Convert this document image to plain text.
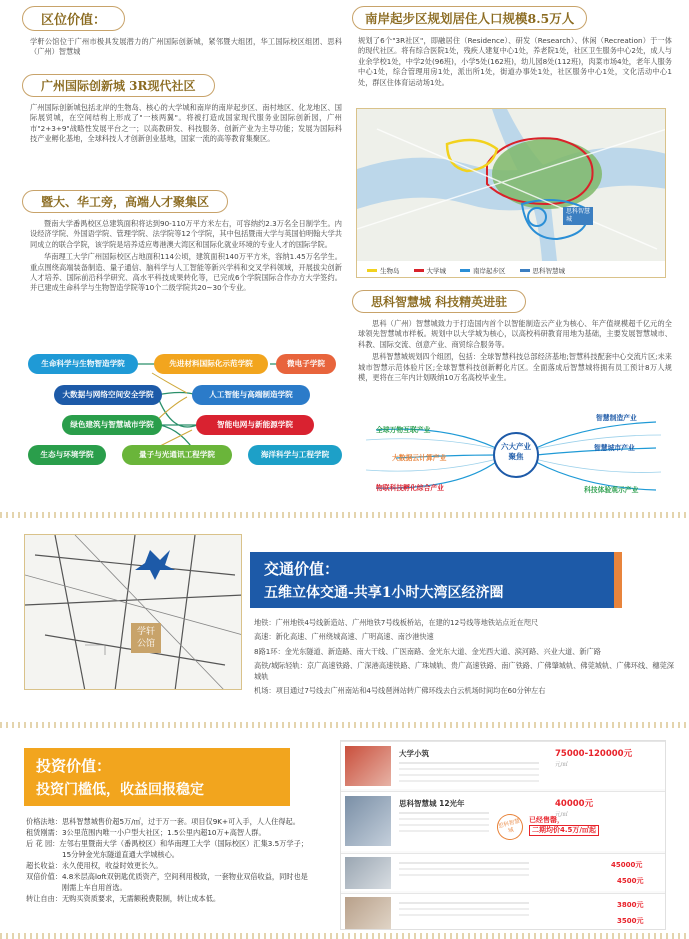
区位价值：
学軒公馆位于广州市极具发展潜力的广州国际创新城，紧邻暨大组团，华工国际校区组团、思科（广州）智慧城
广州国际创新城 3R现代社区
广州国际创新城包括北岸的生物岛、核心的大学城和南岸的南岸起步区、南村地区、化龙地区、国际展贸城，在空间结构上形成了"一核两翼"。将被打造成国家现代服务业国际创新园，广州市"2+3+9"战略性发展平台之一；以高教研发、科技服务、创新产业为主导功能；发展为国际科技产业孵化基地，全球科技人才创新创业基地，国家一流的高等教育集聚区。
暨大、华工旁，高端人才聚集区
暨南大学番禺校区总建筑面积将达到90-110万平方米左右，可容纳约2.3万名全日制学生。内设经济学院、外国语学院、管理学院、法学院等12个学院，其中包括暨南大学与英国伯明翰大学共同成立的联合学院，该学院是培养适应粤港澳大湾区和国际化就业环境的专业人才的国际学院。
华南理工大学广州国际校区占地面积114公顷，建筑面积140万平方米，容纳1.45万名学生。重点围绕高端装备制造、量子通信、脑科学与人工智能等新兴学科和交叉学科领域，开展拔尖创新人才培养、国际前沿科学研究、高水平科技成果转化等，已完成6个学院国际合作办方大学签约。并已建成生命科学与生物智造学院等10个二级学院共20~30个专业。
生命科学与生物智造学院	先进材料国际化示范学院	微电子学院
大数据与网络空间安全学院	人工智能与高端制造学院
绿色建筑与智慧城市学院	智能电网与新能源学院
生态与环境学院	量子与光通讯工程学院	海洋科学与工程学院
南岸起步区规划居住人口规模8.5万人
规划了6个"3R社区"，即融居住（Residence）、研发（Research）、休闲（Recreation）于一体的现代社区。将有综合医院1处，残疾人建复中心1处，养老院1处，社区卫生服务中心2处，成人与业余学校1处，中学2处(96班)，小学5处(162班)，幼儿园8处(112班)，肉菜市场4处，老年人服务中心1处，综合管理用房1处，派出所1处，街道办事处1处，社区服务中心1处，文化活动中心1处，群区住体育运动场1处。
思科智慧城
生物岛	大学城	南岸起步区	思科智慧城
思科智慧城 科技精英进驻
思科（广州）智慧城致力于打造国内首个以智能制造云产业为核心、年产值规模超千亿元的全球领先智慧城市样板。规划中以大学城为核心，以高校科研教育用地为基础，主要发展智慧城市、科教、国际交流、创意产业、商贸综合服务等。
思科智慧城规划四个组团，包括：全球智慧科技总部经济基地;智慧科技配套中心交流片区;未来城市智慧示范体验片区;全球智慧科技创新孵化片区。全面落成后智慧城将拥有员工预计8万人规模，更将在三年内计划吸纳10万名高校毕业生。
六大产业聚焦
全球万物互联产业
大数据云计算产业
物联科技孵化综合产业
智慧制造产业
智慧城市产业
科技体验观示产业
学轩公馆
交通价值：
五维立体交通-共享1小时大湾区经济圈
地铁：广州地铁4号线新造站、广州地铁7号线板桥站，在建的12号线等地铁站点近在咫尺
高速：新化高速、广州绕城高速、广明高速、南沙港快速
8路1环：金光东隧道、新造路、南大干线、广医南路、金光东大道、金光西大道、滨河路、兴业大道、新广路
高铁/城际轻轨：京广高速铁路、广深港高速铁路、广珠城轨、贵广高速铁路、南广铁路、广佛肇城轨、佛莞城轨、广佛环线、穗莞深城轨
机场：项目通过7号线去广州南站和4号线琶洲站转广佛环线去白云机场时间均在60分钟左右
投资价值：
投资门槛低，收益回报稳定
价格法地：思科智慧城售价超5万/㎡，过于万一套。项目仅9K+可入手，人人住得起。
租赁刚需：3公里范围内唯一小户型大社区；1.5公里内超10万+高智人群。
后 花 园：左邻右里暨南大学（番禺校区）和华南理工大学（国际校区）汇集3.5万学子；
15分钟金光东隧道直通大学城核心。
超长收益：永久使用权，收益时效更长久。
双倍价值：4.8米层高loft双钥匙优质资产，空间利用极致，一套物业双倍收益，同时也是
刚需上车自用首选。
转让自由：无购买资质要求，无需额税费限制，转让成本低。
大学小筑	75000-120000元
元/㎡
思科智慧城 12光年	40000元
元/㎡
思科智慧城
已经售罄，
二期均价4.5万/㎡起
45000元
4500元
3800元
3500元
